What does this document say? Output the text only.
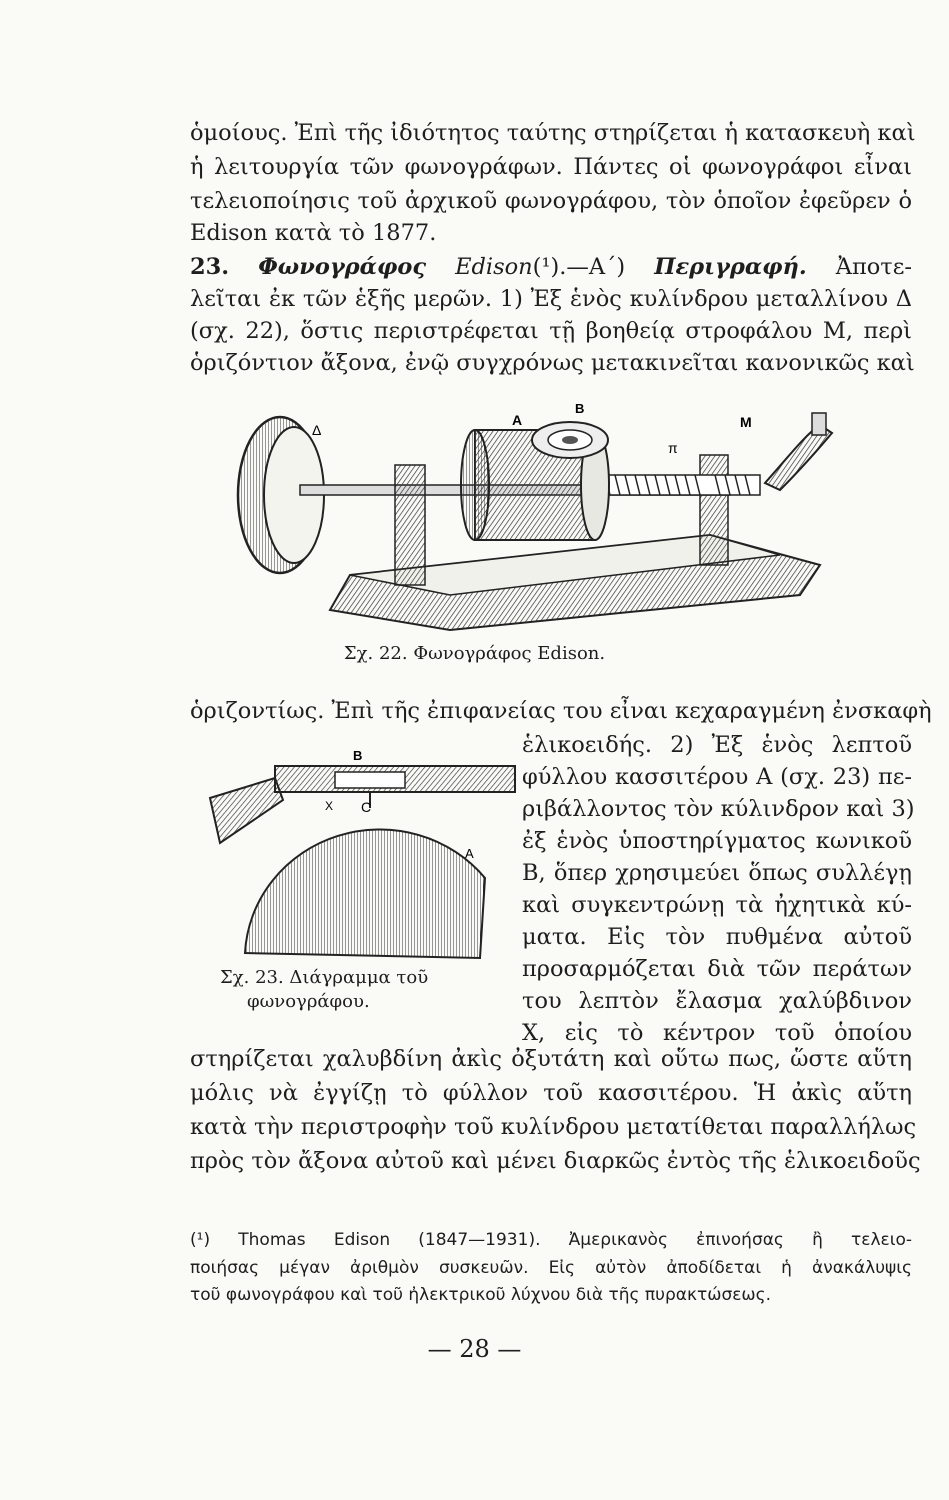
ὁμοίους. Ἐπὶ τῆς ἰδιότητος ταύτης στηρίζεται ἡ κατασκευὴ καὶ
ἡ λειτουργία τῶν φωνογράφων. Πάντες οἱ φωνογράφοι εἶναι
τελειοποίησις τοῦ ἀρχικοῦ φωνογράφου, τὸν ὁποῖον ἐφεῦρεν ὁ
Edison κατὰ τὸ 1877.
23. Φωνογράφος Edison(¹).—Α΄) Περιγραφή. Ἀποτε-
λεῖται ἐκ τῶν ἑξῆς μερῶν. 1) Ἐξ ἑνὸς κυλίνδρου μεταλλίνου Δ
(σχ. 22), ὅστις περιστρέφεται τῇ βοηθείᾳ στροφάλου Μ, περὶ
ὁριζόντιον ἄξονα, ἐνῷ συγχρόνως μετακινεῖται κανονικῶς καὶ
A
B
M
π
Δ
Σχ. 22. Φωνογράφος Edison.
ὁριζοντίως. Ἐπὶ τῆς ἐπιφανείας του εἶναι κεχαραγμένη ἐνσκαφὴ
B
C
A
X
Σχ. 23. Διάγραμμα τοῦ
φωνογράφου.
ἑλικοειδής. 2) Ἐξ ἑνὸς λεπτοῦ
φύλλου κασσιτέρου Α (σχ. 23) πε-
ριβάλλοντος τὸν κύλινδρον καὶ 3)
ἐξ ἑνὸς ὑποστηρίγματος κωνικοῦ
Β, ὅπερ χρησιμεύει ὅπως συλλέγῃ
καὶ συγκεντρώνῃ τὰ ἠχητικὰ κύ-
ματα. Εἰς τὸν πυθμένα αὐτοῦ
προσαρμόζεται διὰ τῶν περάτων
του λεπτὸν ἔλασμα χαλύβδινον
Χ, εἰς τὸ κέντρον τοῦ ὁποίου
στηρίζεται χαλυβδίνη ἀκὶς ὀξυτάτη καὶ οὕτω πως, ὥστε αὕτη
μόλις νὰ ἐγγίζῃ τὸ φύλλον τοῦ κασσιτέρου. Ἡ ἀκὶς αὕτη
κατὰ τὴν περιστροφὴν τοῦ κυλίνδρου μετατίθεται παραλλήλως
πρὸς τὸν ἄξονα αὐτοῦ καὶ μένει διαρκῶς ἐντὸς τῆς ἑλικοειδοῦς
(¹) Thomas Edison (1847—1931). Ἀμερικανὸς ἐπινοήσας ἢ τελειο-
ποιήσας μέγαν ἀριθμὸν συσκευῶν. Εἰς αὐτὸν ἀποδίδεται ἡ ἀνακάλυψις
τοῦ φωνογράφου καὶ τοῦ ἠλεκτρικοῦ λύχνου διὰ τῆς πυρακτώσεως.
— 28 —
